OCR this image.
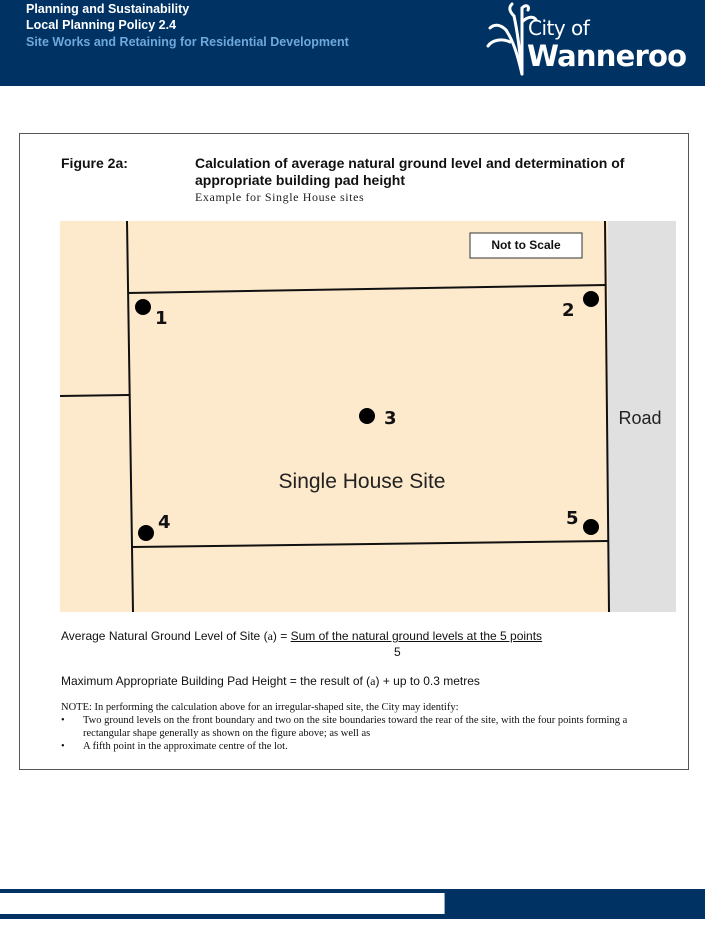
Planning and Sustainability
Local Planning Policy 2.4
Site Works and Retaining for Residential Development
City of
Wanneroo
Figure 2a:	Calculation of average natural ground level and determination of appropriate building pad height
Example for Single House sites
Not to Scale
1	2
3
4	5
Single House Site
Road
Average Natural Ground Level of Site (a) = Sum of the natural ground levels at the 5 points
5
Maximum Appropriate Building Pad Height = the result of (a) + up to 0.3 metres
NOTE: In performing the calculation above for an irregular-shaped site, the City may identify:
• Two ground levels on the front boundary and two on the site boundaries toward the rear of the site, with the four points forming a rectangular shape generally as shown on the figure above; as well as
• A fifth point in the approximate centre of the lot.
